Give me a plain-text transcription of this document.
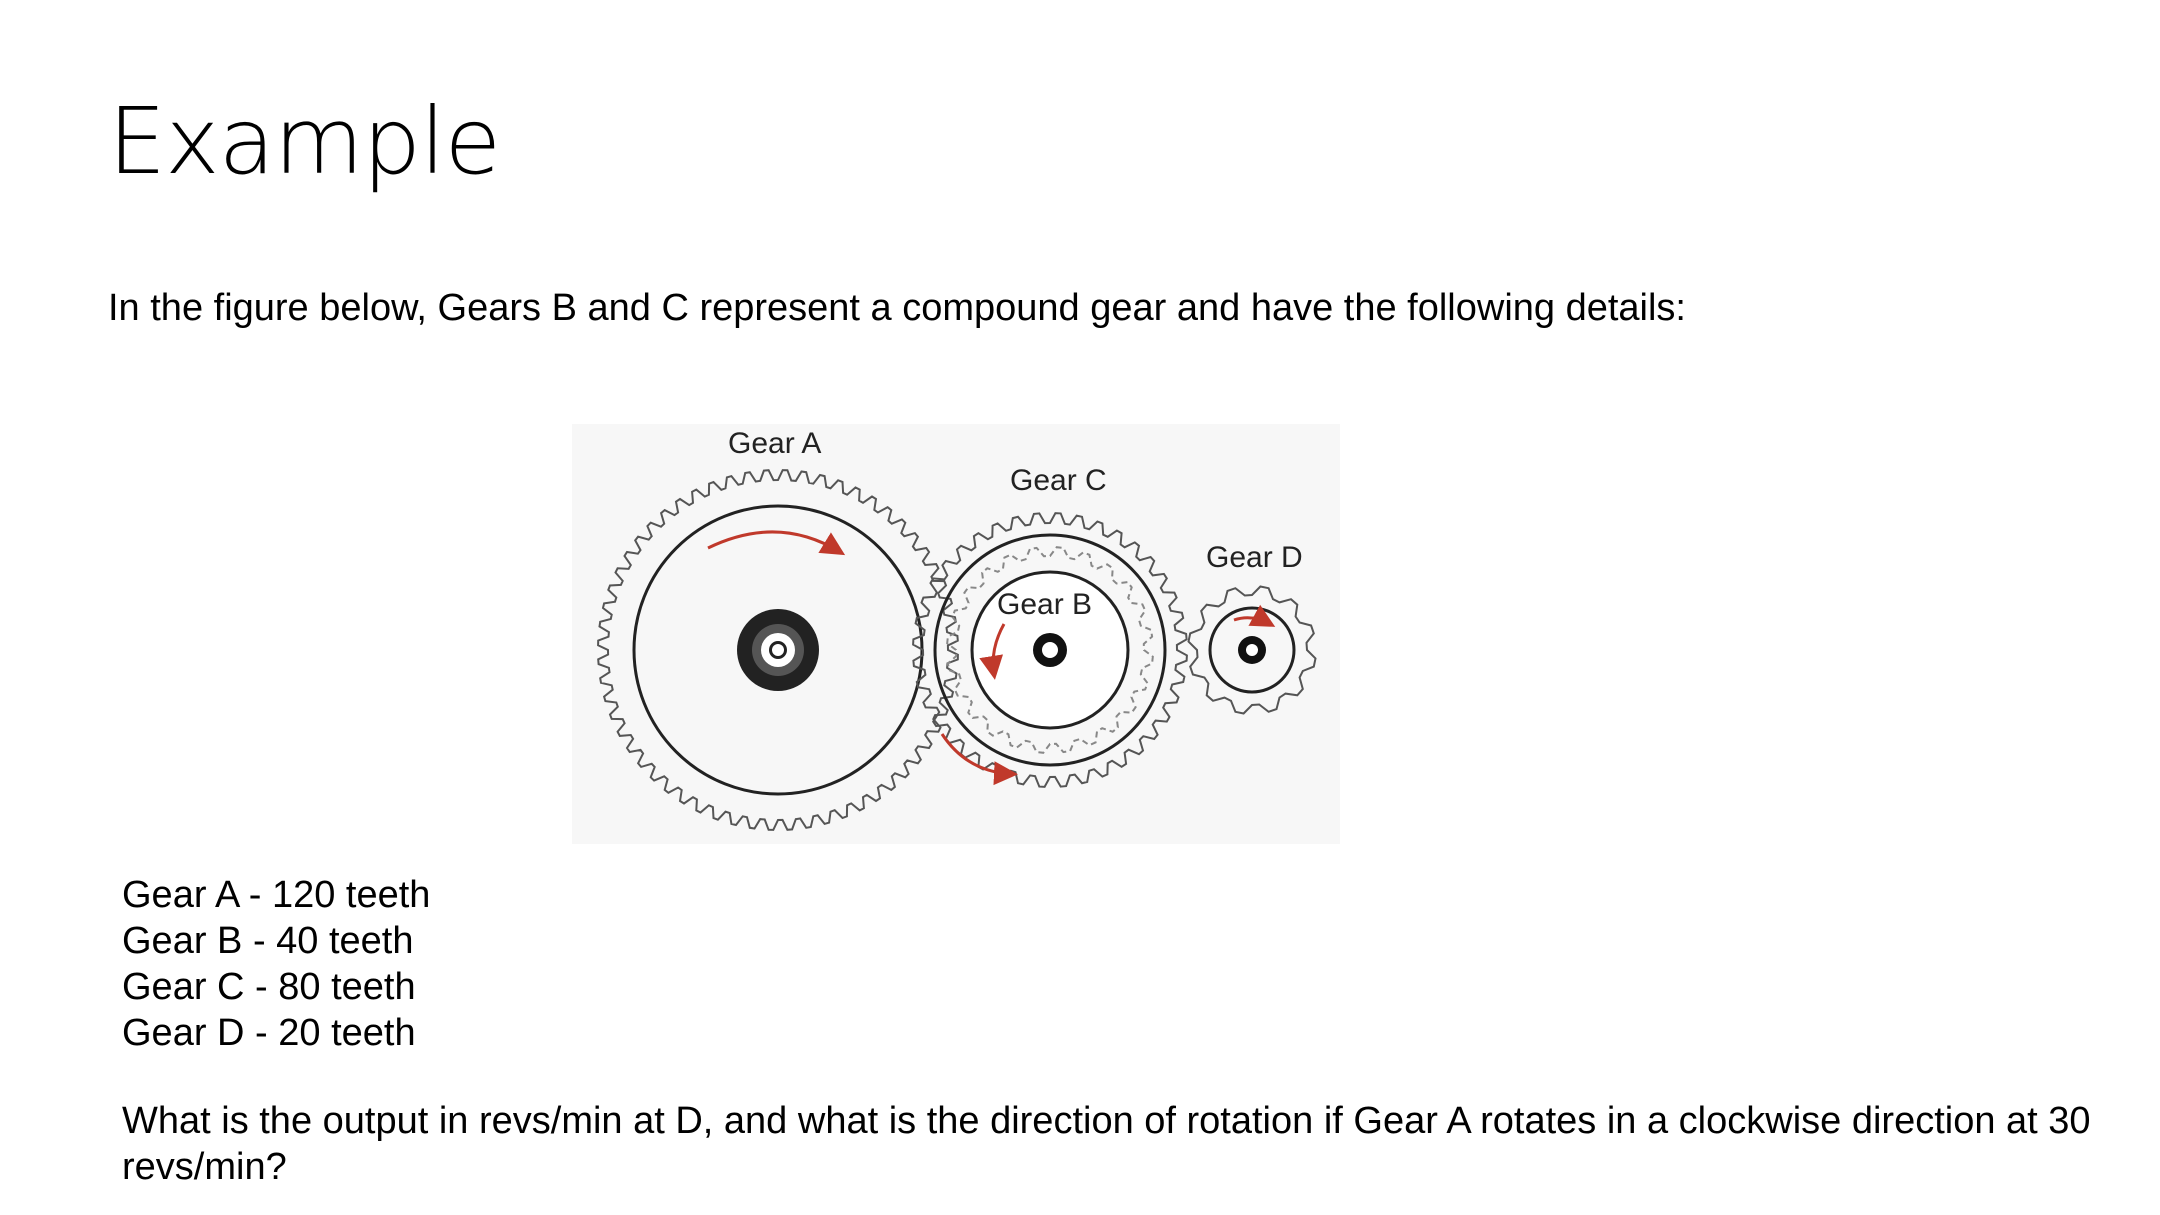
Example
In the figure below, Gears B and C represent a compound gear and have the following details:
Gear A
Gear C
Gear B
Gear D
Gear A - 120 teeth
Gear B - 40 teeth
Gear C - 80 teeth
Gear D - 20 teeth
What is the output in revs/min at D, and what is the direction of rotation if Gear A rotates in a clockwise direction at 30 revs/min?
